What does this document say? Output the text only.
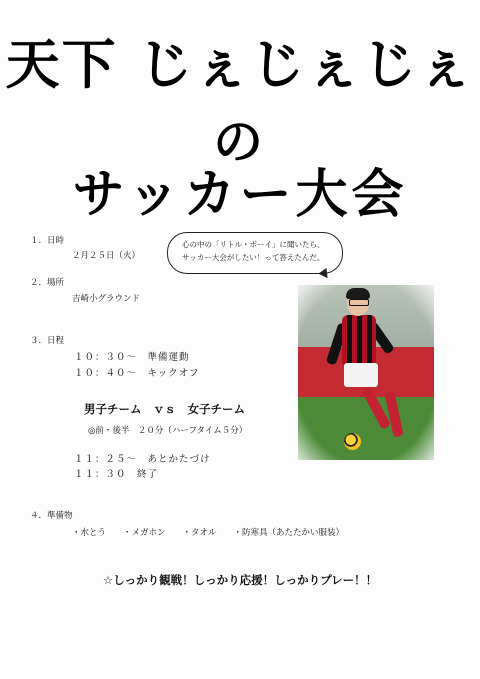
天下 じぇじぇじぇ
の
サッカー大会
心の中の「リトル・ボーイ」に聞いたら、
サッカー大会がしたい！って答えたんだ。
１．日時
２月２５日（火）
２．場所
吉崎小グラウンド
３．日程
１０：３０～　準備運動
１０：４０～　キックオフ
男子チーム　ｖｓ　女子チーム
◎前・後半　２０分（ハーフタイム５分）
１１：２５～　あとかたづけ
１１：３０　終了
４．準備物
・水とう　　・メガホン　　・タオル　　・防寒具（あたたかい服装）
☆しっかり観戦！しっかり応援！しっかりプレー！！
